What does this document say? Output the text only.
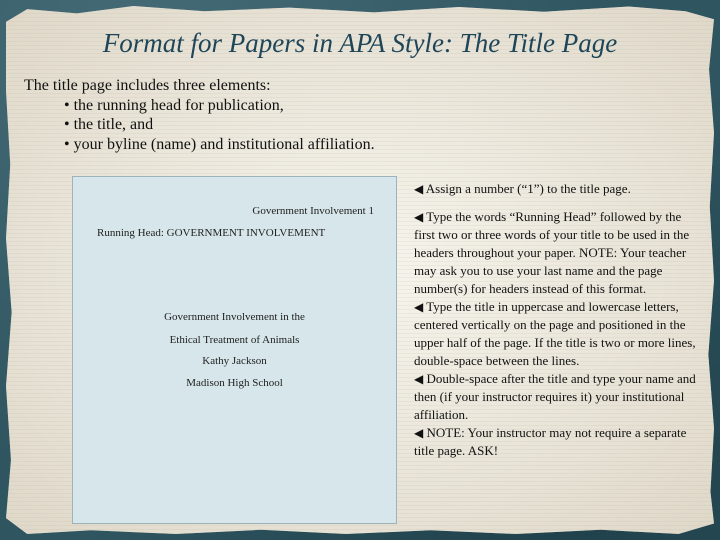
Format for Papers in APA Style: The Title Page
The title page includes three elements:
• the running head for publication,
• the title, and
• your byline (name) and institutional affiliation.
Government Involvement 1
Running Head: GOVERNMENT INVOLVEMENT
Government Involvement in the
Ethical Treatment of Animals
Kathy Jackson
Madison High School

◀ Assign a number (“1”) to the title page.

◀ Type the words “Running Head” followed by the first two or three words of your title to be used in the headers throughout your paper. NOTE: Your teacher may ask you to use your last name and the page number(s) for headers instead of this format.

◀ Type the title in uppercase and lowercase letters, centered vertically on the page and positioned in the upper half of the page. If the title is two or more lines, double-space between the lines.

◀ Double-space after the title and type your name and then (if your instructor requires it) your institutional affiliation.

◀ NOTE: Your instructor may not require a separate title page. ASK!
